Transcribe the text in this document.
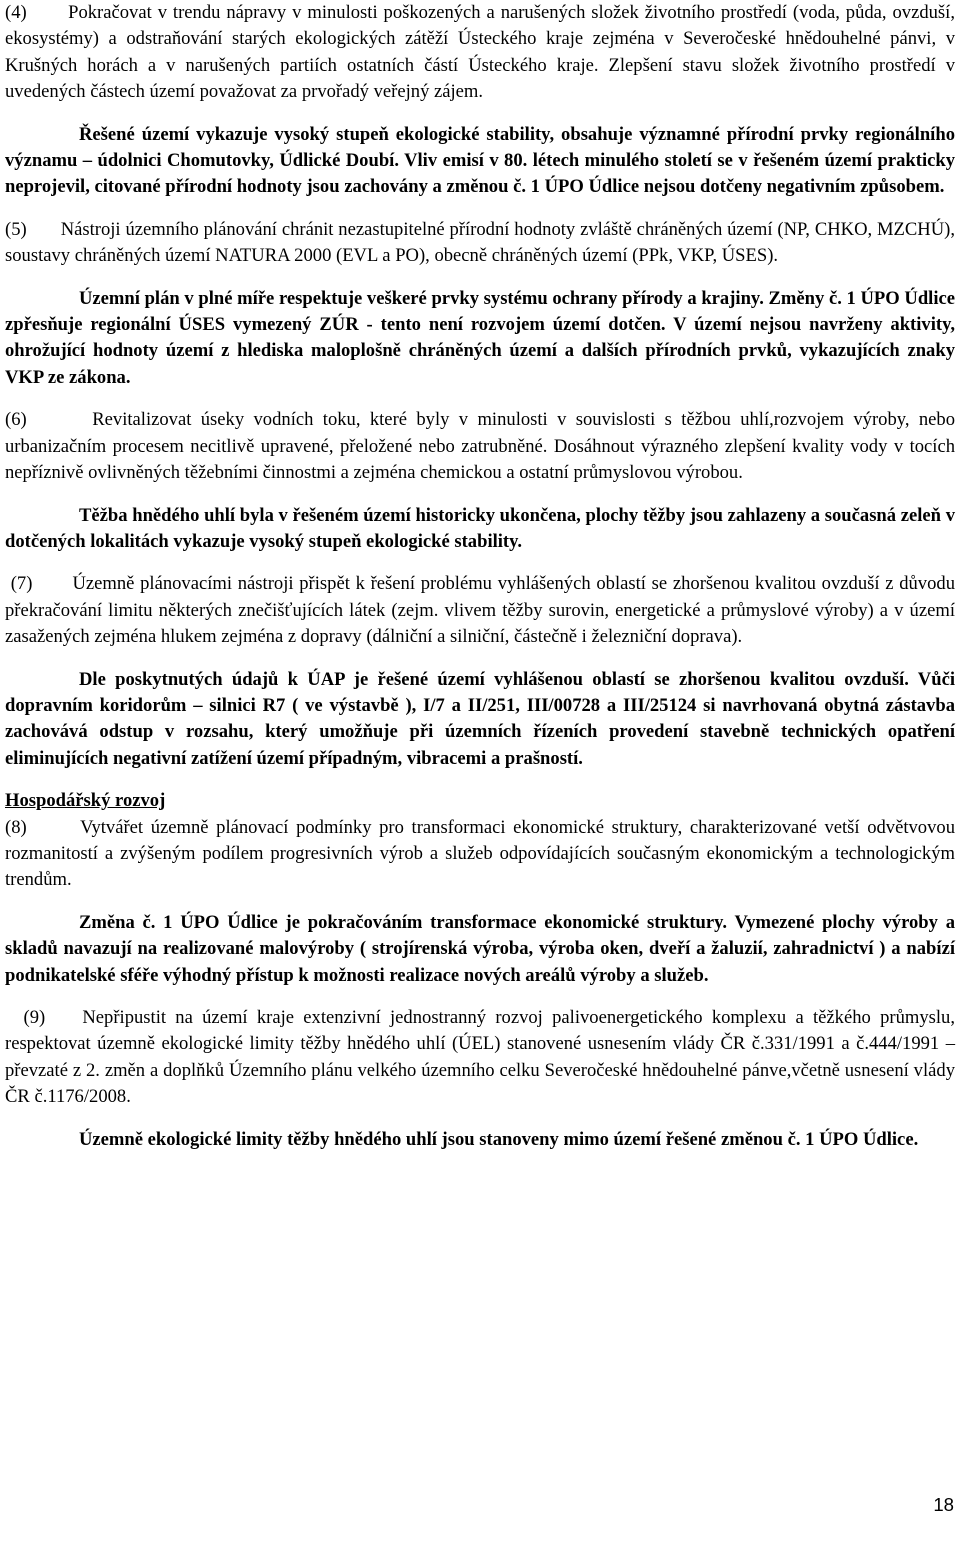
(4)       Pokračovat v trendu nápravy v minulosti poškozených a narušených složek životního prostředí (voda, půda, ovzduší, ekosystémy) a odstraňování starých ekologických zátěží Ústeckého kraje zejména v Severočeské hnědouhelné pánvi, v Krušných horách a v narušených partiích ostatních částí Ústeckého kraje. Zlepšení stavu složek životního prostředí v uvedených částech území považovat za prvořadý veřejný zájem.

Řešené území vykazuje vysoký stupeň ekologické stability, obsahuje významné přírodní prvky regionálního významu – údolnici Chomutovky, Údlické Doubí. Vliv emisí v 80. létech minulého století se v řešeném území prakticky neprojevil, citované přírodní hodnoty jsou zachovány a změnou č. 1 ÚPO Údlice nejsou dotčeny negativním způsobem.

(5)       Nástroji územního plánování chránit nezastupitelné přírodní hodnoty zvláště chráněných území (NP, CHKO, MZCHÚ), soustavy chráněných území NATURA 2000 (EVL a PO), obecně chráněných území (PPk, VKP, ÚSES).

Územní plán v plné míře respektuje veškeré prvky systému ochrany přírody a krajiny. Změny č. 1 ÚPO Údlice zpřesňuje regionální ÚSES vymezený ZÚR - tento není rozvojem území dotčen. V území nejsou navrženy aktivity, ohrožující hodnoty území z hlediska maloplošně chráněných území a dalších přírodních prvků, vykazujících znaky VKP ze zákona.

(6)       Revitalizovat úseky vodních toku, které byly v minulosti v souvislosti s těžbou uhlí,rozvojem výroby, nebo urbanizačním procesem necitlivě upravené, přeložené nebo zatrubněné. Dosáhnout výrazného zlepšení kvality vody v tocích nepříznivě ovlivněných těžebními činnostmi a zejména chemickou a ostatní průmyslovou výrobou.

Těžba hnědého uhlí byla v řešeném území historicky ukončena, plochy těžby jsou zahlazeny a současná zeleň v dotčených lokalitách vykazuje vysoký stupeň ekologické stability.

(7)       Územně plánovacími nástroji přispět k řešení problému vyhlášených oblastí se zhoršenou kvalitou ovzduší z důvodu překračování limitu některých znečišťujících látek (zejm. vlivem těžby surovin, energetické a průmyslové výroby) a v území zasažených zejména hlukem zejména z dopravy (dálniční a silniční, částečně i železniční doprava).

Dle poskytnutých údajů k ÚAP je řešené území vyhlášenou oblastí se zhoršenou kvalitou ovzduší. Vůči dopravním koridorům – silnici R7 ( ve výstavbě ), I/7 a II/251, III/00728 a III/25124 si navrhovaná obytná zástavba zachovává odstup v rozsahu, který umožňuje při územních řízeních provedení stavebně technických opatření eliminujících negativní zatížení území případným, vibracemi a prašností.

Hospodářský rozvoj

(8)       Vytvářet územně plánovací podmínky pro transformaci ekonomické struktury, charakterizované vetší odvětvovou rozmanitostí a zvýšeným podílem progresivních výrob a služeb odpovídajících současným ekonomickým a technologickým trendům.

Změna č. 1 ÚPO Údlice je pokračováním transformace ekonomické struktury. Vymezené plochy výroby a skladů navazují na realizované malovýroby ( strojírenská výroba, výroba oken, dveří a žaluzií, zahradnictví ) a nabízí podnikatelské sféře výhodný přístup k možnosti realizace nových areálů výroby a služeb.

(9)    Nepřipustit na území kraje extenzivní jednostranný rozvoj palivoenergetického komplexu a těžkého průmyslu, respektovat územně ekologické limity těžby hnědého uhlí (ÚEL) stanovené usnesením vlády ČR č.331/1991 a č.444/1991 – převzaté z 2. změn a doplňků Územního plánu velkého územního celku Severočeské hnědouhelné pánve,včetně usnesení vlády ČR č.1176/2008.

Územně ekologické limity těžby hnědého uhlí jsou stanoveny mimo území řešené změnou č. 1 ÚPO Údlice.

18
